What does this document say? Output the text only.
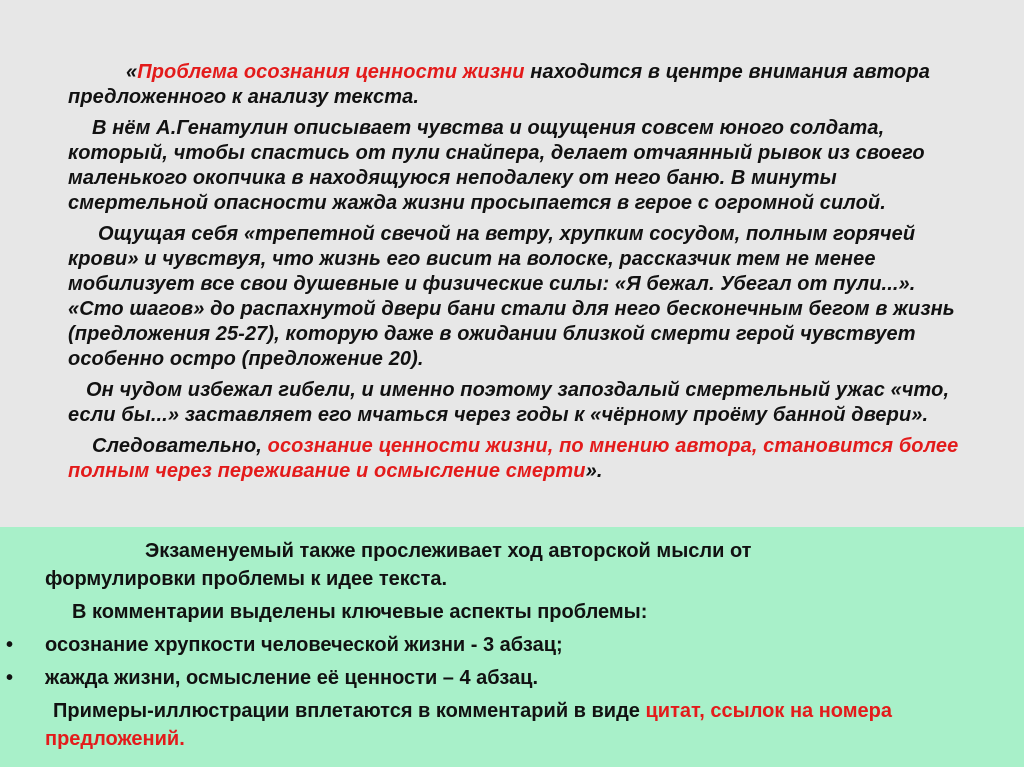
«Проблема осознания ценности жизни находится в центре внимания автора предложенного к анализу текста.

В нём А.Генатулин описывает чувства и ощущения совсем юного солдата, который, чтобы спастись от пули снайпера, делает отчаянный рывок из своего маленького окопчика в находящуюся неподалеку от него баню. В минуты смертельной опасности жажда жизни просыпается в герое с огромной силой.

Ощущая себя «трепетной свечой на ветру, хрупким сосудом, полным горячей крови» и чувствуя, что жизнь его висит на волоске, рассказчик тем не менее мобилизует все свои душевные и физические силы: «Я бежал. Убегал от пули...». «Сто шагов» до распахнутой двери бани стали для него бесконечным бегом в жизнь (предложения 25-27), которую даже в ожидании близкой смерти герой чувствует особенно остро (предложение 20).

Он чудом избежал гибели, и именно поэтому запоздалый смертельный ужас «что, если бы...» заставляет его мчаться через годы к «чёрному проёму банной двери».

Следовательно, осознание ценности жизни, по мнению автора, становится более полным через переживание и осмысление смерти».

Экзаменуемый также прослеживает ход авторской мысли от
формулировки проблемы к идее текста.
В комментарии выделены ключевые аспекты проблемы:
• осознание хрупкости человеческой жизни - 3 абзац;
• жажда жизни, осмысление её ценности – 4 абзац.
Примеры-иллюстрации вплетаются в комментарий в виде цитат, ссылок на номера
предложений.
